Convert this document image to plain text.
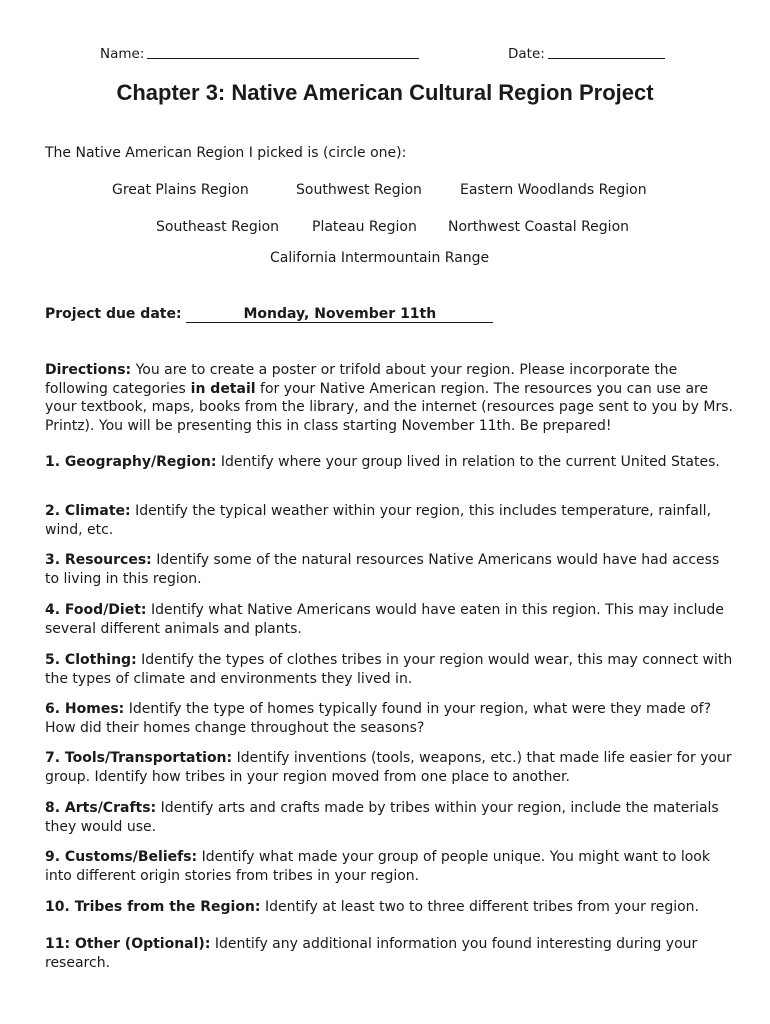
Name:	Date:
Chapter 3: Native American Cultural Region Project
The Native American Region I picked is (circle one):
Great Plains Region	Southwest Region	Eastern Woodlands Region
Southeast Region Plateau Region Northwest Coastal Region
California Intermountain Range
Project due date:	Monday, November 11th
Directions: You are to create a poster or trifold about your region. Please incorporate the following categories in detail for your Native American region. The resources you can use are your textbook, maps, books from the library, and the internet (resources page sent to you by Mrs. Printz). You will be presenting this in class starting November 11th. Be prepared!
1. Geography/Region: Identify where your group lived in relation to the current United States.
2. Climate: Identify the typical weather within your region, this includes temperature, rainfall, wind, etc.
3. Resources: Identify some of the natural resources Native Americans would have had access to living in this region.
4. Food/Diet: Identify what Native Americans would have eaten in this region. This may include several different animals and plants.
5. Clothing: Identify the types of clothes tribes in your region would wear, this may connect with the types of climate and environments they lived in.
6. Homes: Identify the type of homes typically found in your region, what were they made of? How did their homes change throughout the seasons?
7. Tools/Transportation: Identify inventions (tools, weapons, etc.) that made life easier for your group. Identify how tribes in your region moved from one place to another.
8. Arts/Crafts: Identify arts and crafts made by tribes within your region, include the materials they would use.
9. Customs/Beliefs: Identify what made your group of people unique. You might want to look into different origin stories from tribes in your region.
10. Tribes from the Region: Identify at least two to three different tribes from your region.
11: Other (Optional): Identify any additional information you found interesting during your research.
